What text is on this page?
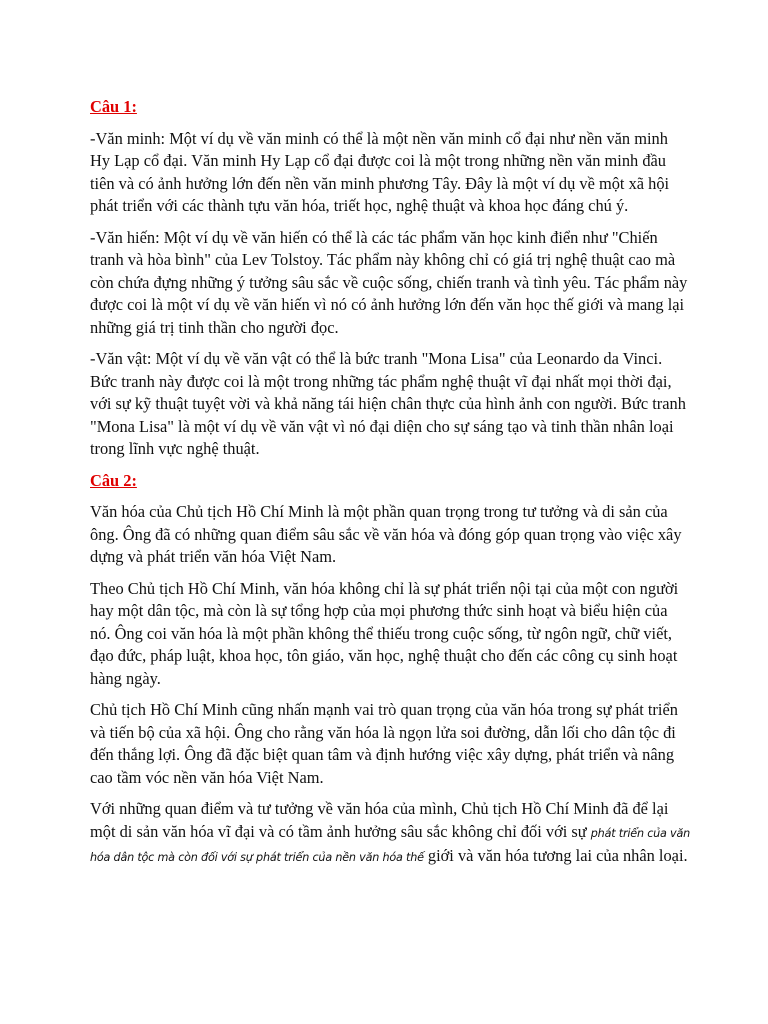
Câu 1:
-Văn minh: Một ví dụ về văn minh có thể là một nền văn minh cổ đại như nền văn minh Hy Lạp cổ đại. Văn minh Hy Lạp cổ đại được coi là một trong những nền văn minh đầu tiên và có ảnh hưởng lớn đến nền văn minh phương Tây. Đây là một ví dụ về một xã hội phát triển với các thành tựu văn hóa, triết học, nghệ thuật và khoa học đáng chú ý.
-Văn hiến: Một ví dụ về văn hiến có thể là các tác phẩm văn học kinh điển như "Chiến tranh và hòa bình" của Lev Tolstoy. Tác phẩm này không chỉ có giá trị nghệ thuật cao mà còn chứa đựng những ý tưởng sâu sắc về cuộc sống, chiến tranh và tình yêu. Tác phẩm này được coi là một ví dụ về văn hiến vì nó có ảnh hưởng lớn đến văn học thế giới và mang lại những giá trị tinh thần cho người đọc.
-Văn vật: Một ví dụ về văn vật có thể là bức tranh "Mona Lisa" của Leonardo da Vinci. Bức tranh này được coi là một trong những tác phẩm nghệ thuật vĩ đại nhất mọi thời đại, với sự kỹ thuật tuyệt vời và khả năng tái hiện chân thực của hình ảnh con người. Bức tranh "Mona Lisa" là một ví dụ về văn vật vì nó đại diện cho sự sáng tạo và tinh thần nhân loại trong lĩnh vực nghệ thuật.
Câu 2:
Văn hóa của Chủ tịch Hồ Chí Minh là một phần quan trọng trong tư tưởng và di sản của ông. Ông đã có những quan điểm sâu sắc về văn hóa và đóng góp quan trọng vào việc xây dựng và phát triển văn hóa Việt Nam.
Theo Chủ tịch Hồ Chí Minh, văn hóa không chỉ là sự phát triển nội tại của một con người hay một dân tộc, mà còn là sự tổng hợp của mọi phương thức sinh hoạt và biểu hiện của nó. Ông coi văn hóa là một phần không thể thiếu trong cuộc sống, từ ngôn ngữ, chữ viết, đạo đức, pháp luật, khoa học, tôn giáo, văn học, nghệ thuật cho đến các công cụ sinh hoạt hàng ngày.
Chủ tịch Hồ Chí Minh cũng nhấn mạnh vai trò quan trọng của văn hóa trong sự phát triển và tiến bộ của xã hội. Ông cho rằng văn hóa là ngọn lửa soi đường, dẫn lối cho dân tộc đi đến thắng lợi. Ông đã đặc biệt quan tâm và định hướng việc xây dựng, phát triển và nâng cao tầm vóc nền văn hóa Việt Nam.
Với những quan điểm và tư tưởng về văn hóa của mình, Chủ tịch Hồ Chí Minh đã để lại một di sản văn hóa vĩ đại và có tầm ảnh hưởng sâu sắc không chỉ đối với sự phát triển của văn hóa dân tộc mà còn đối với sự phát triển của nền văn hóa thế giới và văn hóa tương lai của nhân loại.
